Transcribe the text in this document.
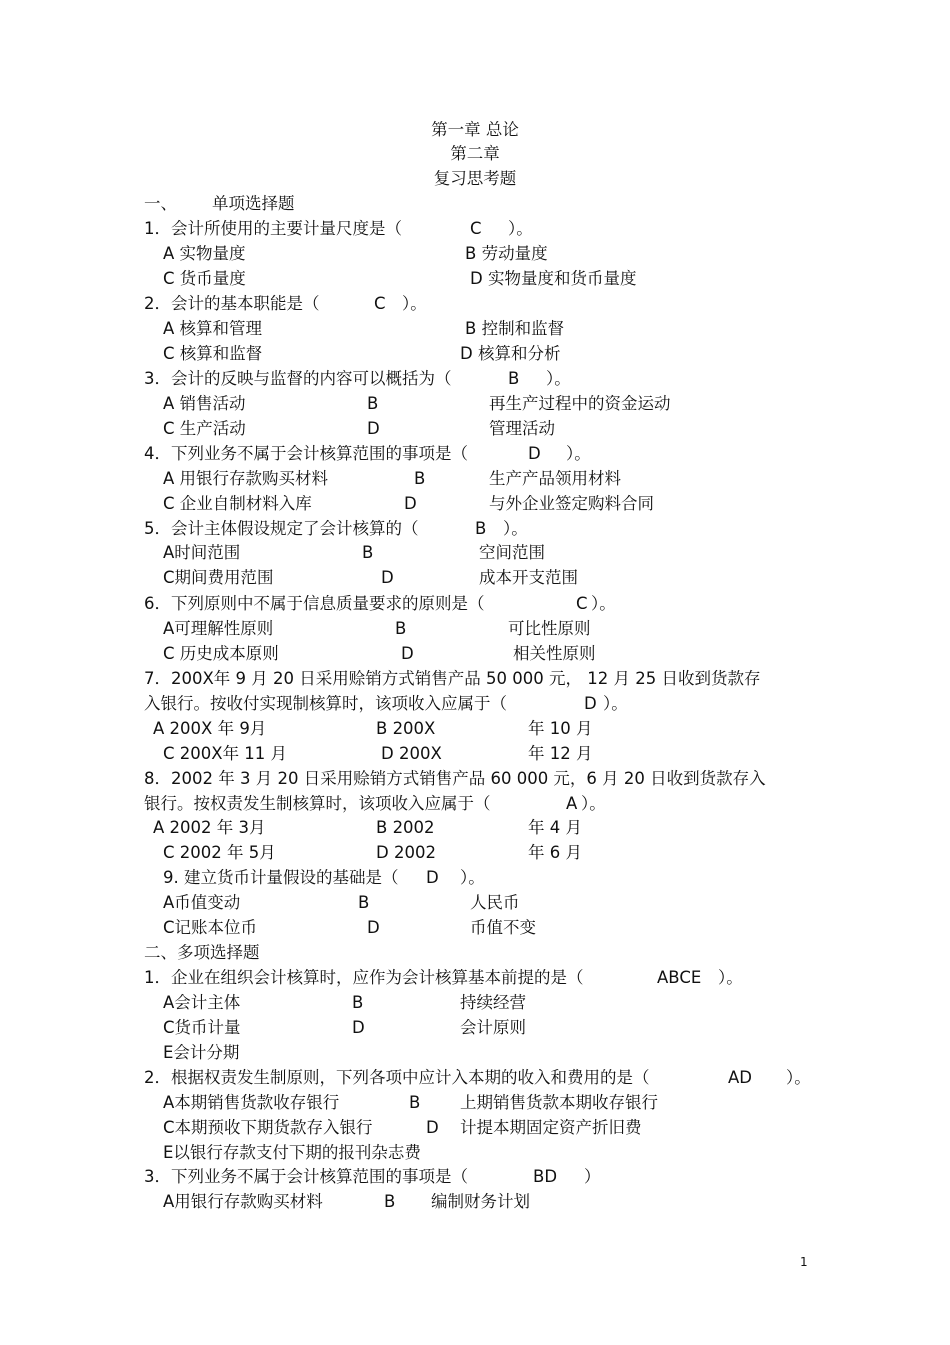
第一章 总论
第二章
复习思考题
一、 单项选择题
1．会计所使用的主要计量尺度是（	C ）。
A 实物量度	B 劳动量度
C 货币量度	D 实物量度和货币量度
2．会计的基本职能是（	C ）。
A 核算和管理	B 控制和监督
C 核算和监督	D 核算和分析
3．会计的反映与监督的内容可以概括为（	B ）。
A 销售活动	B	再生产过程中的资金运动
C 生产活动	D	管理活动
4．下列业务不属于会计核算范围的事项是（	D ）。
A 用银行存款购买材料	B	生产产品领用材料
C 企业自制材料入库	D	与外企业签定购料合同
5．会计主体假设规定了会计核算的（	B ）。
A时间范围	B	空间范围
C期间费用范围	D	成本开支范围
6．下列原则中不属于信息质量要求的原则是（	C ）。
A可理解性原则	B	可比性原则
C 历史成本原则	D	相关性原则
7．200X年 9 月 20 日采用赊销方式销售产品 50 000 元， 12 月 25 日收到货款存
入银行。按收付实现制核算时，该项收入应属于（	D ）。
A 200X 年 9月	B 200X	年 10 月
C 200X年 11 月	D 200X	年 12 月
8．2002 年 3 月 20 日采用赊销方式销售产品 60 000 元，6 月 20 日收到货款存入
银行。按权责发生制核算时，该项收入应属于（	A ）。
A 2002 年 3月	B 2002	年 4 月
C 2002 年 5月	D 2002	年 6 月
9. 建立货币计量假设的基础是（ D ）。
A币值变动	B	人民币
C记账本位币	D	币值不变
二、多项选择题
1．企业在组织会计核算时，应作为会计核算基本前提的是（	ABCE ）。
A会计主体	B	持续经营
C货币计量	D	会计原则
E会计分期
2．根据权责发生制原则，下列各项中应计入本期的收入和费用的是（	AD ）。
A本期销售货款收存银行	B 上期销售货款本期收存银行
C本期预收下期货款存入银行	D 计提本期固定资产折旧费
E以银行存款支付下期的报刊杂志费
3．下列业务不属于会计核算范围的事项是（	BD ）
A用银行存款购买材料	B 编制财务计划
1
